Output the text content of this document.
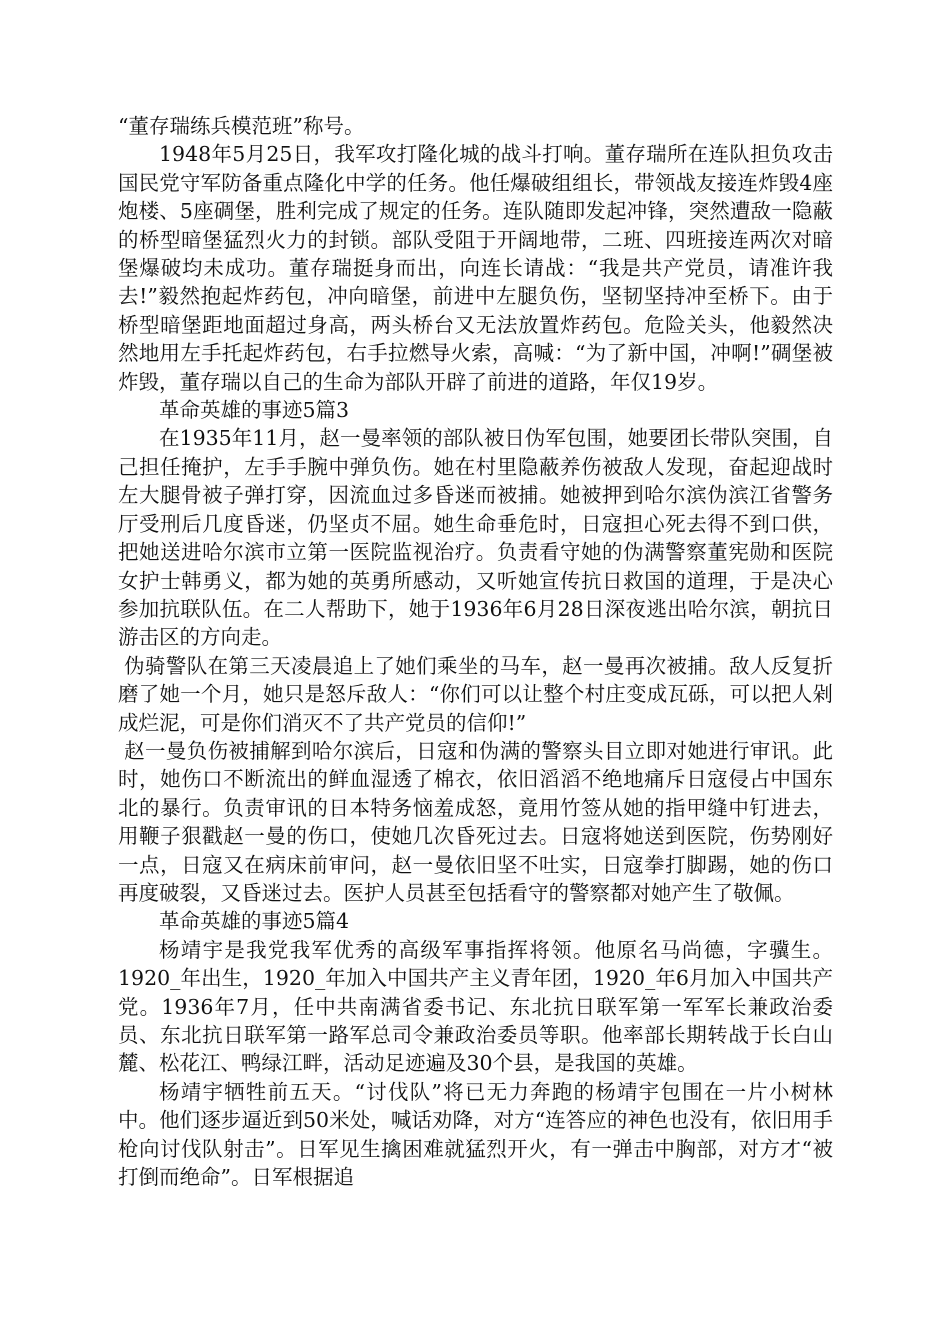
“董存瑞练兵模范班”称号。

1948年5月25日，我军攻打隆化城的战斗打响。董存瑞所在连队担负攻击国民党守军防备重点隆化中学的任务。他任爆破组组长，带领战友接连炸毁4座炮楼、5座碉堡，胜利完成了规定的任务。连队随即发起冲锋，突然遭敌一隐蔽的桥型暗堡猛烈火力的封锁。部队受阻于开阔地带，二班、四班接连两次对暗堡爆破均未成功。董存瑞挺身而出，向连长请战：“我是共产党员，请准许我去!”毅然抱起炸药包，冲向暗堡，前进中左腿负伤，坚韧坚持冲至桥下。由于桥型暗堡距地面超过身高，两头桥台又无法放置炸药包。危险关头，他毅然决然地用左手托起炸药包，右手拉燃导火索，高喊：“为了新中国，冲啊!”碉堡被炸毁，董存瑞以自己的生命为部队开辟了前进的道路，年仅19岁。

革命英雄的事迹5篇3

在1935年11月，赵一曼率领的部队被日伪军包围，她要团长带队突围，自己担任掩护，左手手腕中弹负伤。她在村里隐蔽养伤被敌人发现，奋起迎战时左大腿骨被子弹打穿，因流血过多昏迷而被捕。她被押到哈尔滨伪滨江省警务厅受刑后几度昏迷，仍坚贞不屈。她生命垂危时，日寇担心死去得不到口供，把她送进哈尔滨市立第一医院监视治疗。负责看守她的伪满警察董宪勋和医院女护士韩勇义，都为她的英勇所感动，又听她宣传抗日救国的道理，于是决心参加抗联队伍。在二人帮助下，她于1936年6月28日深夜逃出哈尔滨，朝抗日游击区的方向走。

伪骑警队在第三天凌晨追上了她们乘坐的马车，赵一曼再次被捕。敌人反复折磨了她一个月，她只是怒斥敌人：“你们可以让整个村庄变成瓦砾，可以把人剁成烂泥，可是你们消灭不了共产党员的信仰!”

赵一曼负伤被捕解到哈尔滨后，日寇和伪满的警察头目立即对她进行审讯。此时，她伤口不断流出的鲜血湿透了棉衣，依旧滔滔不绝地痛斥日寇侵占中国东北的暴行。负责审讯的日本特务恼羞成怒，竟用竹签从她的指甲缝中钉进去，用鞭子狠戳赵一曼的伤口，使她几次昏死过去。日寇将她送到医院，伤势刚好一点，日寇又在病床前审问，赵一曼依旧坚不吐实，日寇拳打脚踢，她的伤口再度破裂，又昏迷过去。医护人员甚至包括看守的警察都对她产生了敬佩。

革命英雄的事迹5篇4

杨靖宇是我党我军优秀的高级军事指挥将领。他原名马尚德，字骥生。1920_年出生，1920_年加入中国共产主义青年团，1920_年6月加入中国共产党。1936年7月，任中共南满省委书记、东北抗日联军第一军军长兼政治委员、东北抗日联军第一路军总司令兼政治委员等职。他率部长期转战于长白山麓、松花江、鸭绿江畔，活动足迹遍及30个县，是我国的英雄。

杨靖宇牺牲前五天。“讨伐队”将已无力奔跑的杨靖宇包围在一片小树林中。他们逐步逼近到50米处，喊话劝降，对方“连答应的神色也没有，依旧用手枪向讨伐队射击”。日军见生擒困难就猛烈开火，有一弹击中胸部，对方才“被打倒而绝命”。日军根据追
